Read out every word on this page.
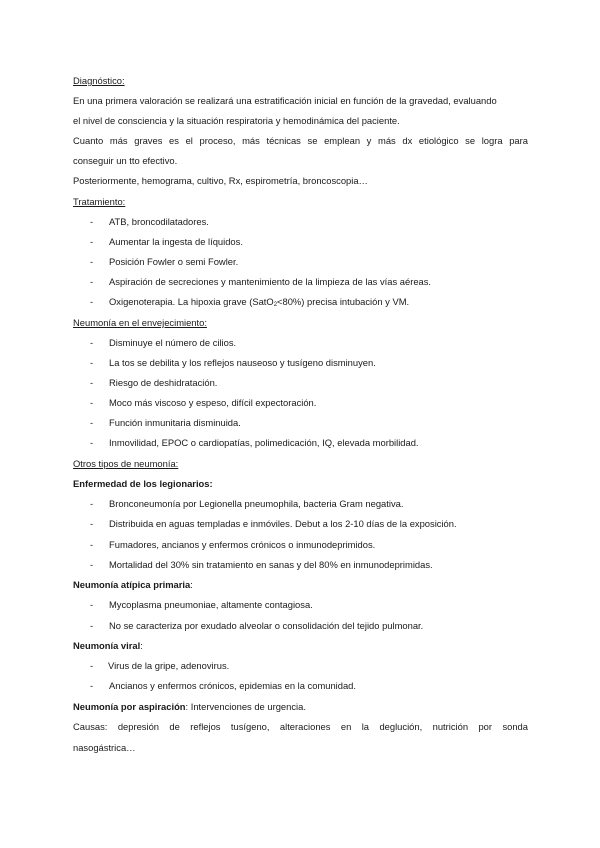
Diagnóstico:
En una primera valoración se realizará una estratificación inicial en función de la gravedad, evaluando
el nivel de consciencia y la situación respiratoria y hemodinámica del paciente.
Cuanto más graves es el proceso, más técnicas se emplean y más dx etiológico se logra para
conseguir un tto efectivo.
Posteriormente, hemograma, cultivo, Rx, espirometría, broncoscopia…
Tratamiento:
- ATB, broncodilatadores.
- Aumentar la ingesta de líquidos.
- Posición Fowler o semi Fowler.
- Aspiración de secreciones y mantenimiento de la limpieza de las vías aéreas.
- Oxigenoterapia. La hipoxia grave (SatO$_2$<80%) precisa intubación y VM.
Neumonía en el envejecimiento:
- Disminuye el número de cilios.
- La tos se debilita y los reflejos nauseoso y tusígeno disminuyen.
- Riesgo de deshidratación.
- Moco más viscoso y espeso, difícil expectoración.
- Función inmunitaria disminuida.
- Inmovilidad, EPOC o cardiopatías, polimedicación, IQ, elevada morbilidad.
Otros tipos de neumonía:
Enfermedad de los legionarios:
- Bronconeumonía por Legionella pneumophila, bacteria Gram negativa.
- Distribuida en aguas templadas e inmóviles. Debut a los 2-10 días de la exposición.
- Fumadores, ancianos y enfermos crónicos o inmunodeprimidos.
- Mortalidad del 30% sin tratamiento en sanas y del 80% en inmunodeprimidas.
Neumonía atípica primaria:
- Mycoplasma pneumoniae, altamente contagiosa.
- No se caracteriza por exudado alveolar o consolidación del tejido pulmonar.
Neumonía viral:
- Virus de la gripe, adenovirus.
- Ancianos y enfermos crónicos, epidemias en la comunidad.
Neumonía por aspiración: Intervenciones de urgencia.
Causas: depresión de reflejos tusígeno, alteraciones en la deglución, nutrición por sonda
nasogástrica…
